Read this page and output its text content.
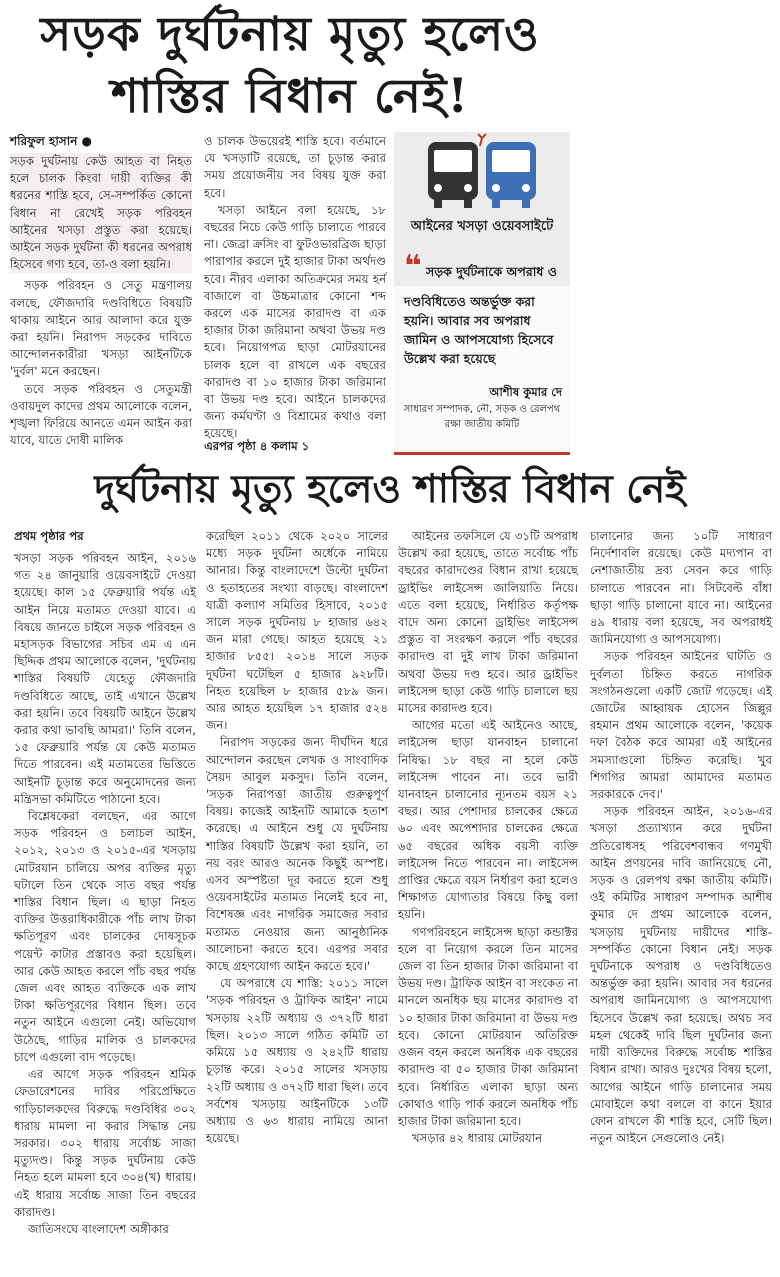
সড়ক দুর্ঘটনায় মৃত্যু হলেও
শাস্তির বিধান নেই!
শরিফুল হাসান ●

সড়ক দুর্ঘটনায় কেউ আহত বা নিহত হলে চালক কিংবা দায়ী ব্যক্তির কী ধরনের শাস্তি হবে, সে-সম্পর্কিত কোনো বিধান না রেখেই সড়ক পরিবহন আইনের খসড়া প্রস্তুত করা হয়েছে। আইনে সড়ক দুর্ঘটনা কী ধরনের অপরাধ হিসেবে গণ্য হবে, তা-ও বলা হয়নি।

সড়ক পরিবহন ও সেতু মন্ত্রণালয় বলছে, ফৌজদারি দণ্ডবিধিতে বিষয়টি থাকায় আইনে আর আলাদা করে যুক্ত করা হয়নি। নিরাপদ সড়কের দাবিতে আন্দোলনকারীরা খসড়া আইনটিকে 'দুর্বল' মনে করছেন।

তবে সড়ক পরিবহন ও সেতুমন্ত্রী ওবায়দুল কাদের প্রথম আলোকে বলেন, শৃঙ্খলা ফিরিয়ে আনতে এমন আইন করা যাবে, যাতে দোষী মালিক

ও চালক উভয়েরই শাস্তি হবে। বর্তমানে যে খসড়াটি রয়েছে, তা চূড়ান্ত করার সময় প্রয়োজনীয় সব বিষয় যুক্ত করা হবে।

খসড়া আইনে বলা হয়েছে, ১৮ বছরের নিচে কেউ গাড়ি চালাতে পারবে না। জেব্রা ক্রসিং বা ফুটওভারব্রিজ ছাড়া পারাপার করলে দুই হাজার টাকা অর্থদণ্ড হবে। নীরব এলাকা অতিক্রমের সময় হর্ন বাজালে বা উচ্চমাত্রার কোনো শব্দ করলে এক মাসের কারাদণ্ড বা এক হাজার টাকা জরিমানা অথবা উভয় দণ্ড হবে। নিয়োগপত্র ছাড়া মোটরযানের চালক হলে বা রাখলে এক বছরের কারাদণ্ড বা ১০ হাজার টাকা জরিমানা বা উভয় দণ্ড হবে। আইনে চালকদের জন্য কর্মঘণ্টা ও বিশ্রামের কথাও বলা হয়েছে।

এরপর পৃষ্ঠা ৪ কলাম ১
আইনের খসড়া ওয়েবসাইটে
❝ সড়ক দুর্ঘটনাকে অপরাধ ও
দণ্ডবিধিতেও অন্তর্ভুক্ত করা হয়নি। আবার সব অপরাধ জামিন ও আপসযোগ্য হিসেবে উল্লেখ করা হয়েছে
আশীষ কুমার দে
সাধারণ সম্পাদক, নৌ, সড়ক ও রেলপথ রক্ষা জাতীয় কমিটি
দুর্ঘটনায় মৃত্যু হলেও শাস্তির বিধান নেই
প্রথম পৃষ্ঠার পর

খসড়া সড়ক পরিবহন আইন, ২০১৬ গত ২৪ জানুয়ারি ওয়েবসাইটে দেওয়া হয়েছে। কাল ১৫ ফেব্রুয়ারি পর্যন্ত এই আইন নিয়ে মতামত দেওয়া যাবে। এ বিষয়ে জানতে চাইলে সড়ক পরিবহন ও মহাসড়ক বিভাগের সচিব এম এ এন ছিদ্দিক প্রথম আলোকে বলেন, 'দুর্ঘটনায় শাস্তির বিষয়টি যেহেতু ফৌজদারি দণ্ডবিধিতে আছে, তাই এখানে উল্লেখ করা হয়নি। তবে বিষয়টি আইনে উল্লেখ করার কথা ভাবছি আমরা।' তিনি বলেন, ১৫ ফেব্রুয়ারি পর্যন্ত যে কেউ মতামত দিতে পারবেন। এই মতামতের ভিত্তিতে আইনটি চূড়ান্ত করে অনুমোদনের জন্য মন্ত্রিসভা কমিটিতে পাঠানো হবে।

বিশ্লেষকেরা বলছেন, এর আগে সড়ক পরিবহন ও চলাচল আইন, ২০১২, ২০১৩ ও ২০১৫-এর খসড়ায় মোটরযান চালিয়ে অপর ব্যক্তির মৃত্যু ঘটালে তিন থেকে সাত বছর পর্যন্ত শাস্তির বিধান ছিল। এ ছাড়া নিহত ব্যক্তির উত্তরাধিকারীকে পাঁচ লাখ টাকা ক্ষতিপূরণ এবং চালকের দোষসূচক পয়েন্ট কাটার প্রস্তাবও করা হয়েছিল। আর কেউ আহত করলে পাঁচ বছর পর্যন্ত জেল এবং আহত ব্যক্তিকে এক লাখ টাকা ক্ষতিপূরণের বিধান ছিল। তবে নতুন আইনে এগুলো নেই। অভিযোগ উঠেছে, গাড়ির মালিক ও চালকদের চাপে এগুলো বাদ পড়েছে।

এর আগে সড়ক পরিবহন শ্রমিক ফেডারেশনের দাবির পরিপ্রেক্ষিতে গাড়িচালকদের বিরুদ্ধে দণ্ডবিধির ৩০২ ধারায় মামলা না করার সিদ্ধান্ত নেয় সরকার। ৩০২ ধারায় সর্বোচ্চ সাজা মৃত্যুদণ্ড। কিন্তু সড়ক দুর্ঘটনায় কেউ নিহত হলে মামলা হবে ৩০৪(খ) ধারায়। এই ধারায় সর্বোচ্চ সাজা তিন বছরের কারাদণ্ড।

জাতিসংঘে বাংলাদেশ অঙ্গীকার

করেছিল ২০১১ থেকে ২০২০ সালের মধ্যে সড়ক দুর্ঘটনা অর্ধেকে নামিয়ে আনার। কিন্তু বাংলাদেশে উল্টো দুর্ঘটনা ও হতাহতের সংখ্যা বাড়ছে। বাংলাদেশ যাত্রী কল্যাণ সমিতির হিসাবে, ২০১৫ সালে সড়ক দুর্ঘটনায় ৮ হাজার ৬৪২ জন মারা গেছে। আহত হয়েছে ২১ হাজার ৮৫৫। ২০১৪ সালে সড়ক দুর্ঘটনা ঘটেছিল ৫ হাজার ৯২৮টি। নিহত হয়েছিল ৮ হাজার ৫৮৯ জন। আর আহত হয়েছিল ১৭ হাজার ৫২৪ জন।

নিরাপদ সড়কের জন্য দীর্ঘদিন ধরে আন্দোলন করছেন লেখক ও সাংবাদিক সৈয়দ আবুল মকসুদ। তিনি বলেন, 'সড়ক নিরাপত্তা জাতীয় গুরুত্বপূর্ণ বিষয়। কাজেই আইনটি আমাকে হতাশ করেছে। এ আইনে শুধু যে দুর্ঘটনায় শাস্তির বিষয়টি উল্লেখ করা হয়নি, তা নয় বরং আরও অনেক কিছুই অস্পষ্ট। এসব অস্পষ্টতা দূর করতে হলে শুধু ওয়েবসাইটের মতামত নিলেই হবে না, বিশেষজ্ঞ এবং নাগরিক সমাজের সবার মতামত নেওয়ার জন্য আনুষ্ঠানিক আলোচনা করতে হবে। এরপর সবার কাছে গ্রহণযোগ্য আইন করতে হবে।'

যে অপরাধে যে শাস্তি: ২০১১ সালে 'সড়ক পরিবহন ও ট্রাফিক আইন' নামে খসড়ায় ২২টি অধ্যায় ও ৩৭২টি ধারা ছিল। ২০১৩ সালে গঠিত কমিটি তা কমিয়ে ১৫ অধ্যায় ও ২৪২টি ধারায় চূড়ান্ত করে। ২০১৫ সালের খসড়ায় ২২টি অধ্যায় ও ৩৭২টি ধারা ছিল। তবে সর্বশেষ খসড়ায় আইনটিকে ১৩টি অধ্যায় ও ৬৩ ধারায় নামিয়ে আনা হয়েছে।

আইনের তফসিলে যে ৩১টি অপরাধ উল্লেখ করা হয়েছে, তাতে সর্বোচ্চ পাঁচ বছরের কারাদণ্ডের বিধান রাখা হয়েছে ড্রাইভিং লাইসেন্স জালিয়াতি নিয়ে। এতে বলা হয়েছে, নির্ধারিত কর্তৃপক্ষ বাদে অন্য কোনো ড্রাইভিং লাইসেন্স প্রস্তুত বা সংরক্ষণ করলে পাঁচ বছরের কারাদণ্ড বা দুই লাখ টাকা জরিমানা অথবা উভয় দণ্ড হবে। আর ড্রাইভিং লাইসেন্স ছাড়া কেউ গাড়ি চালালে ছয় মাসের কারাদণ্ড হবে।

আগের মতো এই আইনেও আছে, লাইসেন্স ছাড়া যানবাহন চালানো নিষিদ্ধ। ১৮ বছর না হলে কেউ লাইসেন্স পাবেন না। তবে ভারী যানবাহন চালানোর ন্যূনতম বয়স ২১ বছর। আর পেশাদার চালকের ক্ষেত্রে ৬০ এবং অপেশাদার চালকের ক্ষেত্রে ৬৫ বছরের অধিক বয়সী ব্যক্তি লাইসেন্স নিতে পারবেন না। লাইসেন্স প্রাপ্তির ক্ষেত্রে বয়স নির্ধারণ করা হলেও শিক্ষাগত যোগ্যতার বিষয়ে কিছু বলা হয়নি।

গণপরিবহনে লাইসেন্স ছাড়া কন্ডাক্টর হলে বা নিয়োগ করলে তিন মাসের জেল বা তিন হাজার টাকা জরিমানা বা উভয় দণ্ড। ট্রাফিক আইন বা সংকেত না মানলে অনধিক ছয় মাসের কারাদণ্ড বা ১০ হাজার টাকা জরিমানা বা উভয় দণ্ড হবে। কোনো মোটরযান অতিরিক্ত ওজন বহন করলে অনধিক এক বছরের কারাদণ্ড বা ৫০ হাজার টাকা জরিমানা হবে। নির্ধারিত এলাকা ছাড়া অন্য কোথাও গাড়ি পার্ক করলে অনধিক পাঁচ হাজার টাকা জরিমানা হবে।

খসড়ার ৪২ ধারায় মোটরযান

চালানোর জন্য ১০টি সাধারণ নির্দেশাবলি রয়েছে। কেউ মদ্যপান বা নেশাজাতীয় দ্রব্য সেবন করে গাড়ি চালাতে পারবেন না। সিটবেল্ট বাঁধা ছাড়া গাড়ি চালানো যাবে না। আইনের ৪৯ ধারায় বলা হয়েছে, সব অপরাধই জামিনযোগ্য ও আপসযোগ্য।

সড়ক পরিবহন আইনের ঘাটতি ও দুর্বলতা চিহ্নিত করতে নাগরিক সংগঠনগুলো একটি জোট গড়েছে। এই জোটের আহ্বায়ক হোসেন জিল্লুর রহমান প্রথম আলোকে বলেন, 'কয়েক দফা বৈঠক করে আমরা এই আইনের সমস্যাগুলো চিহ্নিত করেছি। খুব শিগগির আমরা আমাদের মতামত সরকারকে দেব।'

সড়ক পরিবহন আইন, ২০১৬-এর খসড়া প্রত্যাখ্যান করে দুর্ঘটনা প্রতিরোধসহ পরিবেশবান্ধব গণমুখী আইন প্রণয়নের দাবি জানিয়েছে নৌ, সড়ক ও রেলপথ রক্ষা জাতীয় কমিটি। ওই কমিটির সাধারণ সম্পাদক আশীষ কুমার দে প্রথম আলোকে বলেন, খসড়ায় দুর্ঘটনায় দায়ীদের শাস্তি-সম্পর্কিত কোনো বিধান নেই। সড়ক দুর্ঘটনাকে অপরাধ ও দণ্ডবিধিতেও অন্তর্ভুক্ত করা হয়নি। আবার সব ধরনের অপরাধ জামিনযোগ্য ও আপসযোগ্য হিসেবে উল্লেখ করা হয়েছে। অথচ সব মহল থেকেই দাবি ছিল দুর্ঘটনার জন্য দায়ী ব্যক্তিদের বিরুদ্ধে সর্বোচ্চ শাস্তির বিধান রাখা। আরও দুঃখের বিষয় হলো, আগের আইনে গাড়ি চালানোর সময় মোবাইলে কথা বললে বা কানে ইয়ার ফোন রাখলে কী শাস্তি হবে, সেটি ছিল। নতুন আইনে সেগুলোও নেই।
